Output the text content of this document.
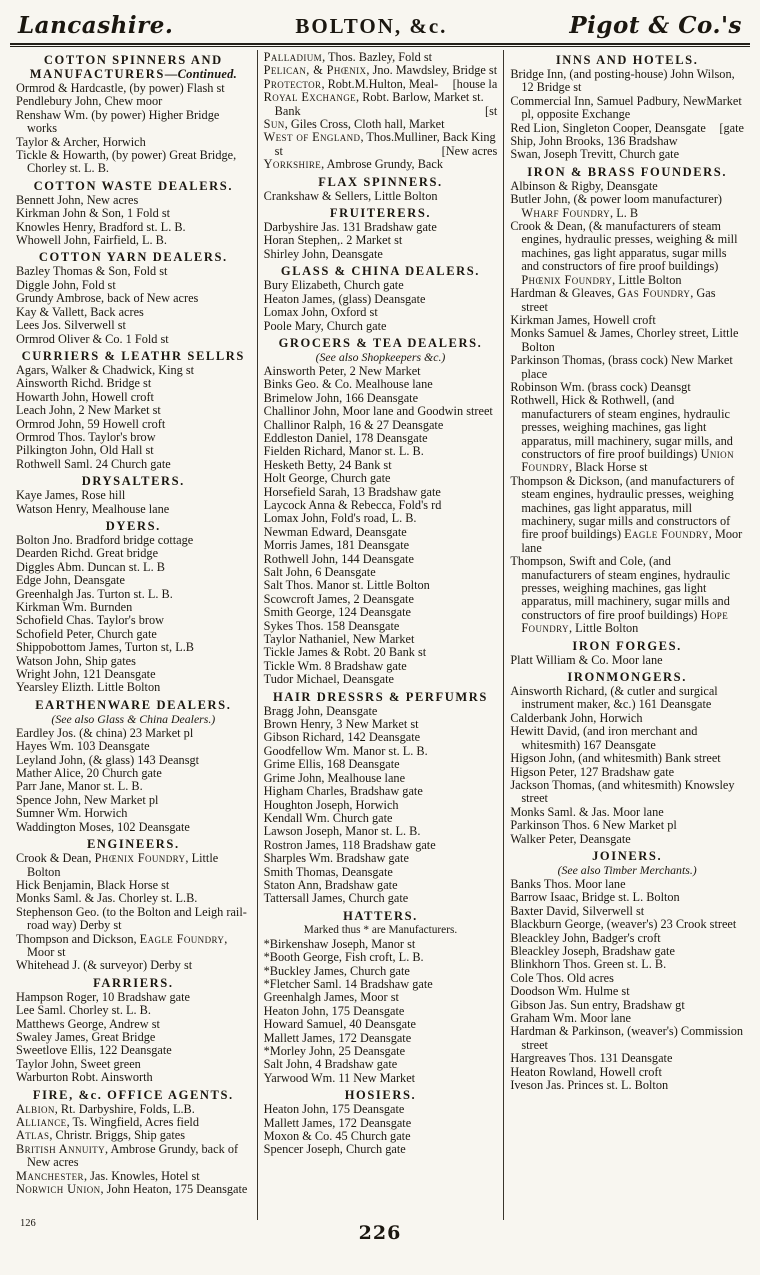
Lancashire.	BOLTON, &c.	Pigot & Co.'s
COTTON SPINNERS AND MANUFACTURERS—Continued.
Ormrod & Hardcastle, (by power) Flash st
Pendlebury John, Chew moor
Renshaw Wm. (by power) Higher Bridge works
Taylor & Archer, Horwich
Tickle & Howarth, (by power) Great Bridge, Chorley st. L. B.
COTTON WASTE DEALERS.
Bennett John, New acres
Kirkman John & Son, 1 Fold st
Knowles Henry, Bradford st. L. B.
Whowell John, Fairfield, L. B.
COTTON YARN DEALERS.
Bazley Thomas & Son, Fold st
Diggle John, Fold st
Grundy Ambrose, back of New acres
Kay & Vallett, Back acres
Lees Jos. Silverwell st
Ormrod Oliver & Co. 1 Fold st
CURRIERS & LEATHR SELLRS
Agars, Walker & Chadwick, King st
Ainsworth Richd. Bridge st
Howarth John, Howell croft
Leach John, 2 New Market st
Ormrod John, 59 Howell croft
Ormrod Thos. Taylor's brow
Pilkington John, Old Hall st
Rothwell Saml. 24 Church gate
DRYSALTERS.
Kaye James, Rose hill
Watson Henry, Mealhouse lane
DYERS.
Bolton Jno. Bradford bridge cottage
Dearden Richd. Great bridge
Diggles Abm. Duncan st. L. B
Edge John, Deansgate
Greenhalgh Jas. Turton st. L. B.
Kirkman Wm. Burnden
Schofield Chas. Taylor's brow
Schofield Peter, Church gate
Shippobottom James, Turton st, L.B
Watson John, Ship gates
Wright John, 121 Deansgate
Yearsley Elizth. Little Bolton
EARTHENWARE DEALERS.
(See also Glass & China Dealers.)
Eardley Jos. (& china) 23 Market pl
Hayes Wm. 103 Deansgate
Leyland John, (& glass) 143 Deansgt
Mather Alice, 20 Church gate
Parr Jane, Manor st. L. B.
Spence John, New Market pl
Sumner Wm. Horwich
Waddington Moses, 102 Deansgate
ENGINEERS.
Crook & Dean, Phœnix Foundry, Little Bolton
Hick Benjamin, Black Horse st
Monks Saml. & Jas. Chorley st. L.B.
Stephenson Geo. (to the Bolton and Leigh rail-road way) Derby st
Thompson and Dickson, Eagle Foundry, Moor st
Whitehead J. (& surveyor) Derby st
FARRIERS.
Hampson Roger, 10 Bradshaw gate
Lee Saml. Chorley st. L. B.
Matthews George, Andrew st
Swaley James, Great Bridge
Sweetlove Ellis, 122 Deansgate
Taylor John, Sweet green
Warburton Robt. Ainsworth
FIRE, &c. OFFICE AGENTS.
Albion, Rt. Darbyshire, Folds, L.B.
Alliance, Ts. Wingfield, Acres field
Atlas, Christr. Briggs, Ship gates
British Annuity, Ambrose Grundy, back of New acres
Manchester, Jas. Knowles, Hotel st
Norwich Union, John Heaton, 175 Deansgate
Palladium, Thos. Bazley, Fold st
Pelican, & Phœnix, Jno. Mawdsley, Bridge st
[house la
Protector, Robt.M.Hulton, Meal-
Royal Exchange, Robt. Barlow, Market st. Bank	[st
Sun, Giles Cross, Cloth hall, Market
West of England, Thos.Mulliner, Back King st	[New acres
Yorkshire, Ambrose Grundy, Back
FLAX SPINNERS.
Crankshaw & Sellers, Little Bolton
FRUITERERS.
Darbyshire Jas. 131 Bradshaw gate
Horan Stephen,. 2 Market st
Shirley John, Deansgate
GLASS & CHINA DEALERS.
Bury Elizabeth, Church gate
Heaton James, (glass) Deansgate
Lomax John, Oxford st
Poole Mary, Church gate
GROCERS & TEA DEALERS.
(See also Shopkeepers &c.)
Ainsworth Peter, 2 New Market
Binks Geo. & Co. Mealhouse lane
Brimelow John, 166 Deansgate
Challinor John, Moor lane and Goodwin street
Challinor Ralph, 16 & 27 Deansgate
Eddleston Daniel, 178 Deansgate
Fielden Richard, Manor st. L. B.
Hesketh Betty, 24 Bank st
Holt George, Church gate
Horsefield Sarah, 13 Bradshaw gate
Laycock Anna & Rebecca, Fold's rd
Lomax John, Fold's road, L. B.
Newman Edward, Deansgate
Morris James, 181 Deansgate
Rothwell John, 144 Deansgate
Salt John, 6 Deansgate
Salt Thos. Manor st. Little Bolton
Scowcroft James, 2 Deansgate
Smith George, 124 Deansgate
Sykes Thos. 158 Deansgate
Taylor Nathaniel, New Market
Tickle James & Robt. 20 Bank st
Tickle Wm. 8 Bradshaw gate
Tudor Michael, Deansgate
HAIR DRESSRS & PERFUMRS
Bragg John, Deansgate
Brown Henry, 3 New Market st
Gibson Richard, 142 Deansgate
Goodfellow Wm. Manor st. L. B.
Grime Ellis, 168 Deansgate
Grime John, Mealhouse lane
Higham Charles, Bradshaw gate
Houghton Joseph, Horwich
Kendall Wm. Church gate
Lawson Joseph, Manor st. L. B.
Rostron James, 118 Bradshaw gate
Sharples Wm. Bradshaw gate
Smith Thomas, Deansgate
Staton Ann, Bradshaw gate
Tattersall James, Church gate
HATTERS.
Marked thus * are Manufacturers.
*Birkenshaw Joseph, Manor st
*Booth George, Fish croft, L. B.
*Buckley James, Church gate
*Fletcher Saml. 14 Bradshaw gate
Greenhalgh James, Moor st
Heaton John, 175 Deansgate
Howard Samuel, 40 Deansgate
Mallett James, 172 Deansgate
*Morley John, 25 Deansgate
Salt John, 4 Bradshaw gate
Yarwood Wm. 11 New Market
HOSIERS.
Heaton John, 175 Deansgate
Mallett James, 172 Deansgate
Moxon & Co. 45 Church gate
Spencer Joseph, Church gate
INNS AND HOTELS.
Bridge Inn, (and posting-house) John Wilson, 12 Bridge st
Commercial Inn, Samuel Padbury, NewMarket pl, opposite Exchange
Red Lion, Singleton Cooper, Deansgate [gate
Ship, John Brooks, 136 Bradshaw
Swan, Joseph Trevitt, Church gate
IRON & BRASS FOUNDERS.
Albinson & Rigby, Deansgate
Butler John, (& power loom manufacturer) Wharf Foundry, L. B
Crook & Dean, (& manufacturers of steam engines, hydraulic presses, weighing & mill machines, gas light apparatus, sugar mills and constructors of fire proof buildings) Phœnix Foundry, Little Bolton
Hardman & Gleaves, Gas Foundry, Gas street
Kirkman James, Howell croft
Monks Samuel & James, Chorley street, Little Bolton
Parkinson Thomas, (brass cock) New Market place
Robinson Wm. (brass cock) Deansgt
Rothwell, Hick & Rothwell, (and manufacturers of steam engines, hydraulic presses, weighing machines, gas light apparatus, mill machinery, sugar mills, and constructors of fire proof buildings) Union Foundry, Black Horse st
Thompson & Dickson, (and manufacturers of steam engines, hydraulic presses, weighing machines, gas light apparatus, mill machinery, sugar mills and constructors of fire proof buildings) Eagle Foundry, Moor lane
Thompson, Swift and Cole, (and manufacturers of steam engines, hydraulic presses, weighing machines, gas light apparatus, mill machinery, sugar mills and constructors of fire proof buildings) Hope Foundry, Little Bolton
IRON FORGES.
Platt William & Co. Moor lane
IRONMONGERS.
Ainsworth Richard, (& cutler and surgical instrument maker, &c.) 161 Deansgate
Calderbank John, Horwich
Hewitt David, (and iron merchant and whitesmith) 167 Deansgate
Higson John, (and whitesmith) Bank street
Higson Peter, 127 Bradshaw gate
Jackson Thomas, (and whitesmith) Knowsley street
Monks Saml. & Jas. Moor lane
Parkinson Thos. 6 New Market pl
Walker Peter, Deansgate
JOINERS.
(See also Timber Merchants.)
Banks Thos. Moor lane
Barrow Isaac, Bridge st. L. Bolton
Baxter David, Silverwell st
Blackburn George, (weaver's) 23 Crook street
Bleackley John, Badger's croft
Bleackley Joseph, Bradshaw gate
Blinkhorn Thos. Green st. L. B.
Cole Thos. Old acres
Doodson Wm. Hulme st
Gibson Jas. Sun entry, Bradshaw gt
Graham Wm. Moor lane
Hardman & Parkinson, (weaver's) Commission street
Hargreaves Thos. 131 Deansgate
Heaton Rowland, Howell croft
Iveson Jas. Princes st. L. Bolton
126	226
